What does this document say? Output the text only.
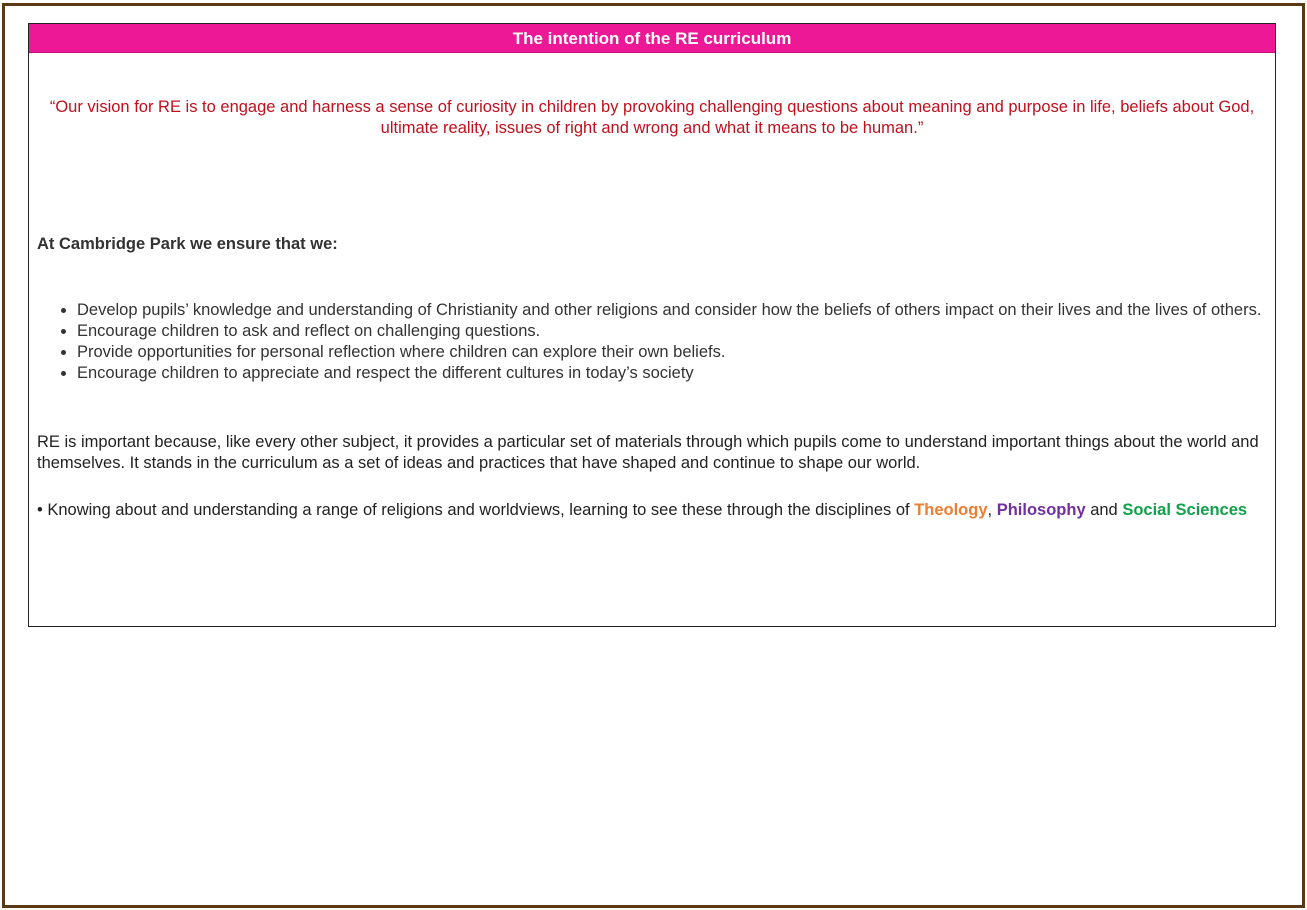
The intention of the RE curriculum

“Our vision for RE is to engage and harness a sense of curiosity in children by provoking challenging questions about meaning and purpose in life, beliefs about God, ultimate reality, issues of right and wrong and what it means to be human.”

At Cambridge Park we ensure that we:

• Develop pupils’ knowledge and understanding of Christianity and other religions and consider how the beliefs of others impact on their lives and the lives of others.
• Encourage children to ask and reflect on challenging questions.
• Provide opportunities for personal reflection where children can explore their own beliefs.
• Encourage children to appreciate and respect the different cultures in today’s society

RE is important because, like every other subject, it provides a particular set of materials through which pupils come to understand important things about the world and themselves. It stands in the curriculum as a set of ideas and practices that have shaped and continue to shape our world.

• Knowing about and understanding a range of religions and worldviews, learning to see these through the disciplines of Theology, Philosophy and Social Sciences
